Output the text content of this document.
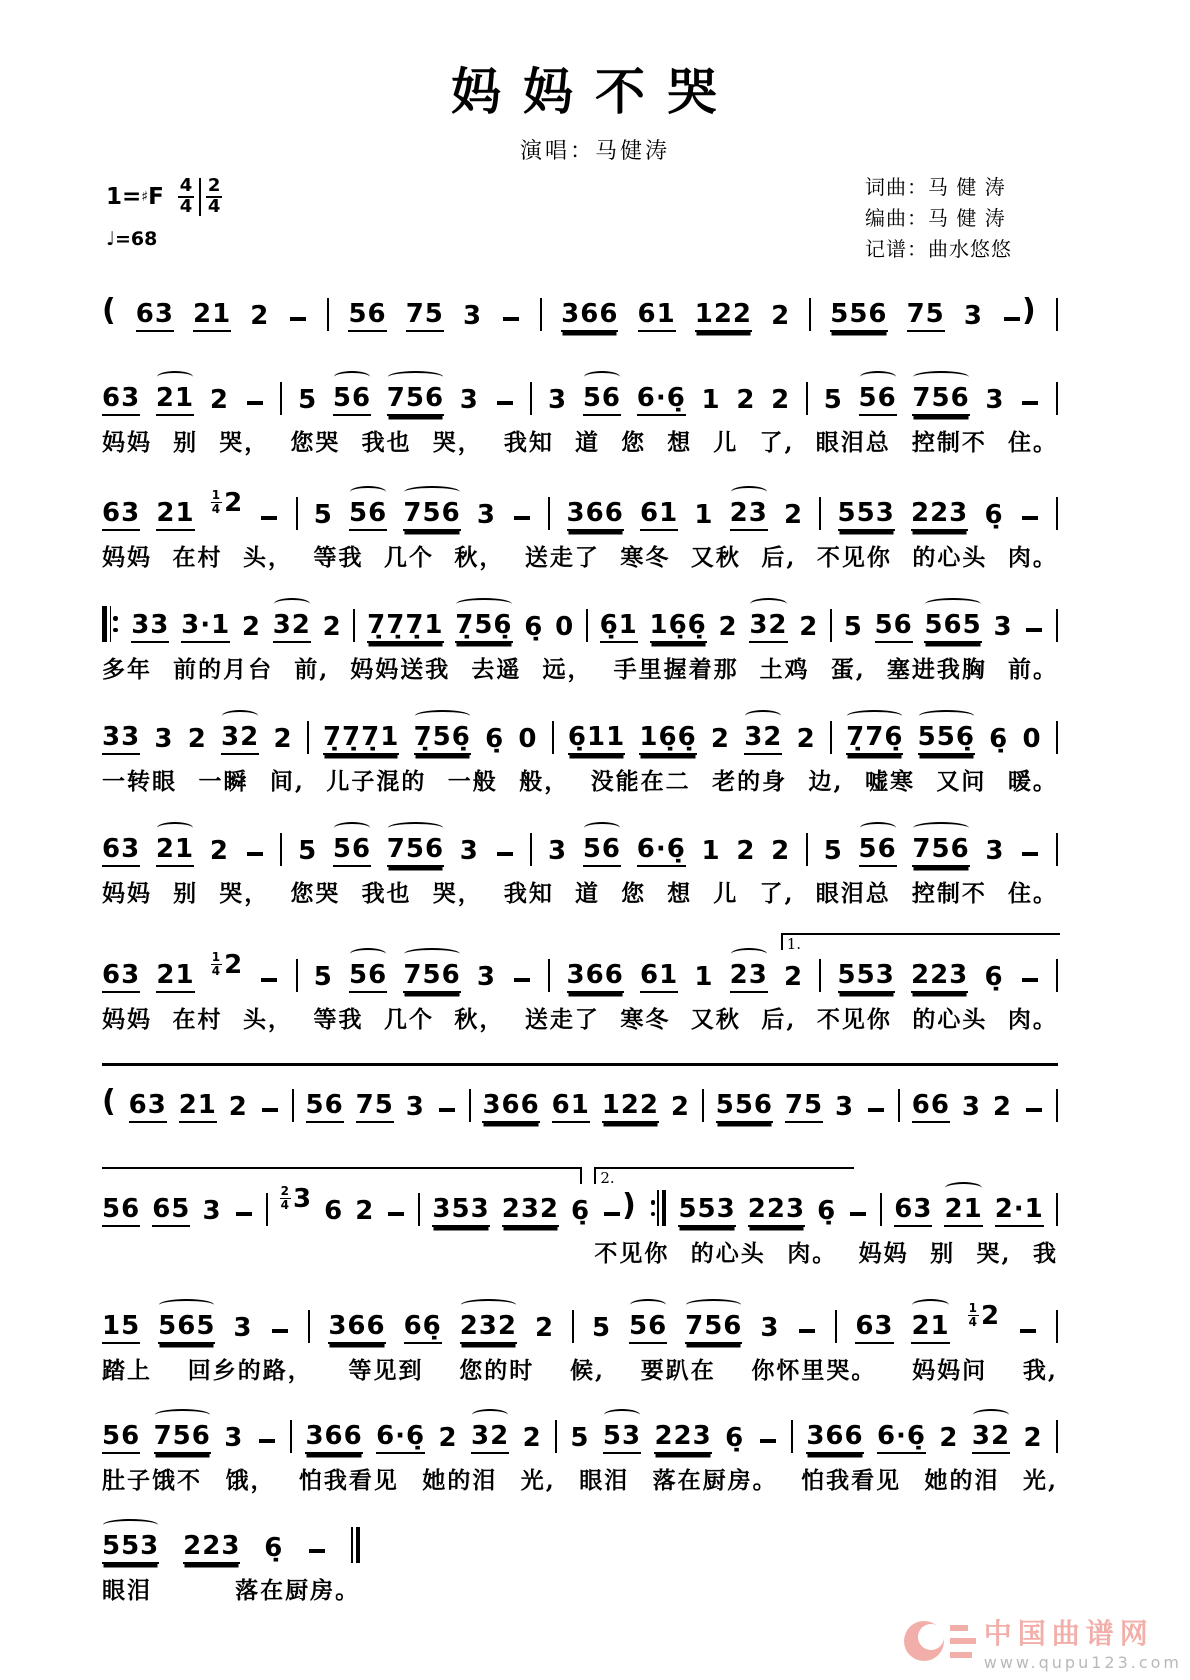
妈妈不哭
演唱：马健涛
1= ♯ F $\frac{4}{4} \frac{2}{4}$
♩=68
词曲：马 健 涛
编曲：马 健 涛
记谱：曲水悠悠
( 63 21 2	56 75 3	366 61 122 2 556 75 3 )
63 21 2	5 56 756 3	3 56 6·6̣ 1 2 2 5 56 756 3
妈妈 别 哭， 您哭 我也 哭， 我知 道 您 想 儿 了, 眼泪总 控制不 住。
63 $21 \frac{1}{4} 2$	5 56 756 3	366 61 1 23 2 553 223 6̣
妈妈 在村 头， 等我 几个 秋， 送走了 寒冬 又秋 后, 不见你 的心头 肉。
33 3·1 2 32 2 7̣7̣7̣1 7̣56̣ 6̣ 0 6̣1 16̣6̣ 2 32 2 5 56 565 3
多年 前的月台 前, 妈妈送我 去遥 远， 手里握着那 土鸡 蛋, 塞进我胸 前。
33 3 2 32 2 7̣7̣7̣1 7̣56̣ 6̣ 0 6̣11 16̣6̣ 2 32 2 7̣76̣ 556̣ 6̣ 0
一转眼 一瞬 间, 儿子混的 一般 般， 没能在二 老的身 边, 嘘寒 又问 暖。
63 21 2	5 56 756 3	3 56 6·6̣ 1 2 2 5 56 756 3
妈妈 别 哭， 您哭 我也 哭， 我知 道 您 想 儿 了, 眼泪总 控制不 住。
1.
63 $21 \frac{1}{4} 2$	5 56 756 3	366 61 1 23 2 553 223 6̣
妈妈 在村 头， 等我 几个 秋， 送走了 寒冬 又秋 后, 不见你 的心头 肉。
( 63 21 2 56 75 3 366 61 122 2 556 75 3 66 3 2
2.
56 65 3	$\frac{2}{4} 3$ 6 2 353 232 6̣ ) 553 223 6̣ 63 21 2·1
不见你 的心头 肉。 妈妈 别 哭, 我
15 565 3	366 66̣ 232 2 5 56 756 3	63 $21 \frac{1}{4} 2$
踏上 回乡的路， 等见到 您的时 候, 要趴在 你怀里哭。 妈妈问 我,
56 756 3 366 6·6̣ 2 32 2 5 53 223 6̣ 366 6·6̣ 2 32 2
肚子饿不 饿， 怕我看见 她的泪 光, 眼泪 落在厨房。 怕我看见 她的泪 光,
553 223 6̣
眼泪	落在厨房。
中国曲谱网
www.qupu123.com
